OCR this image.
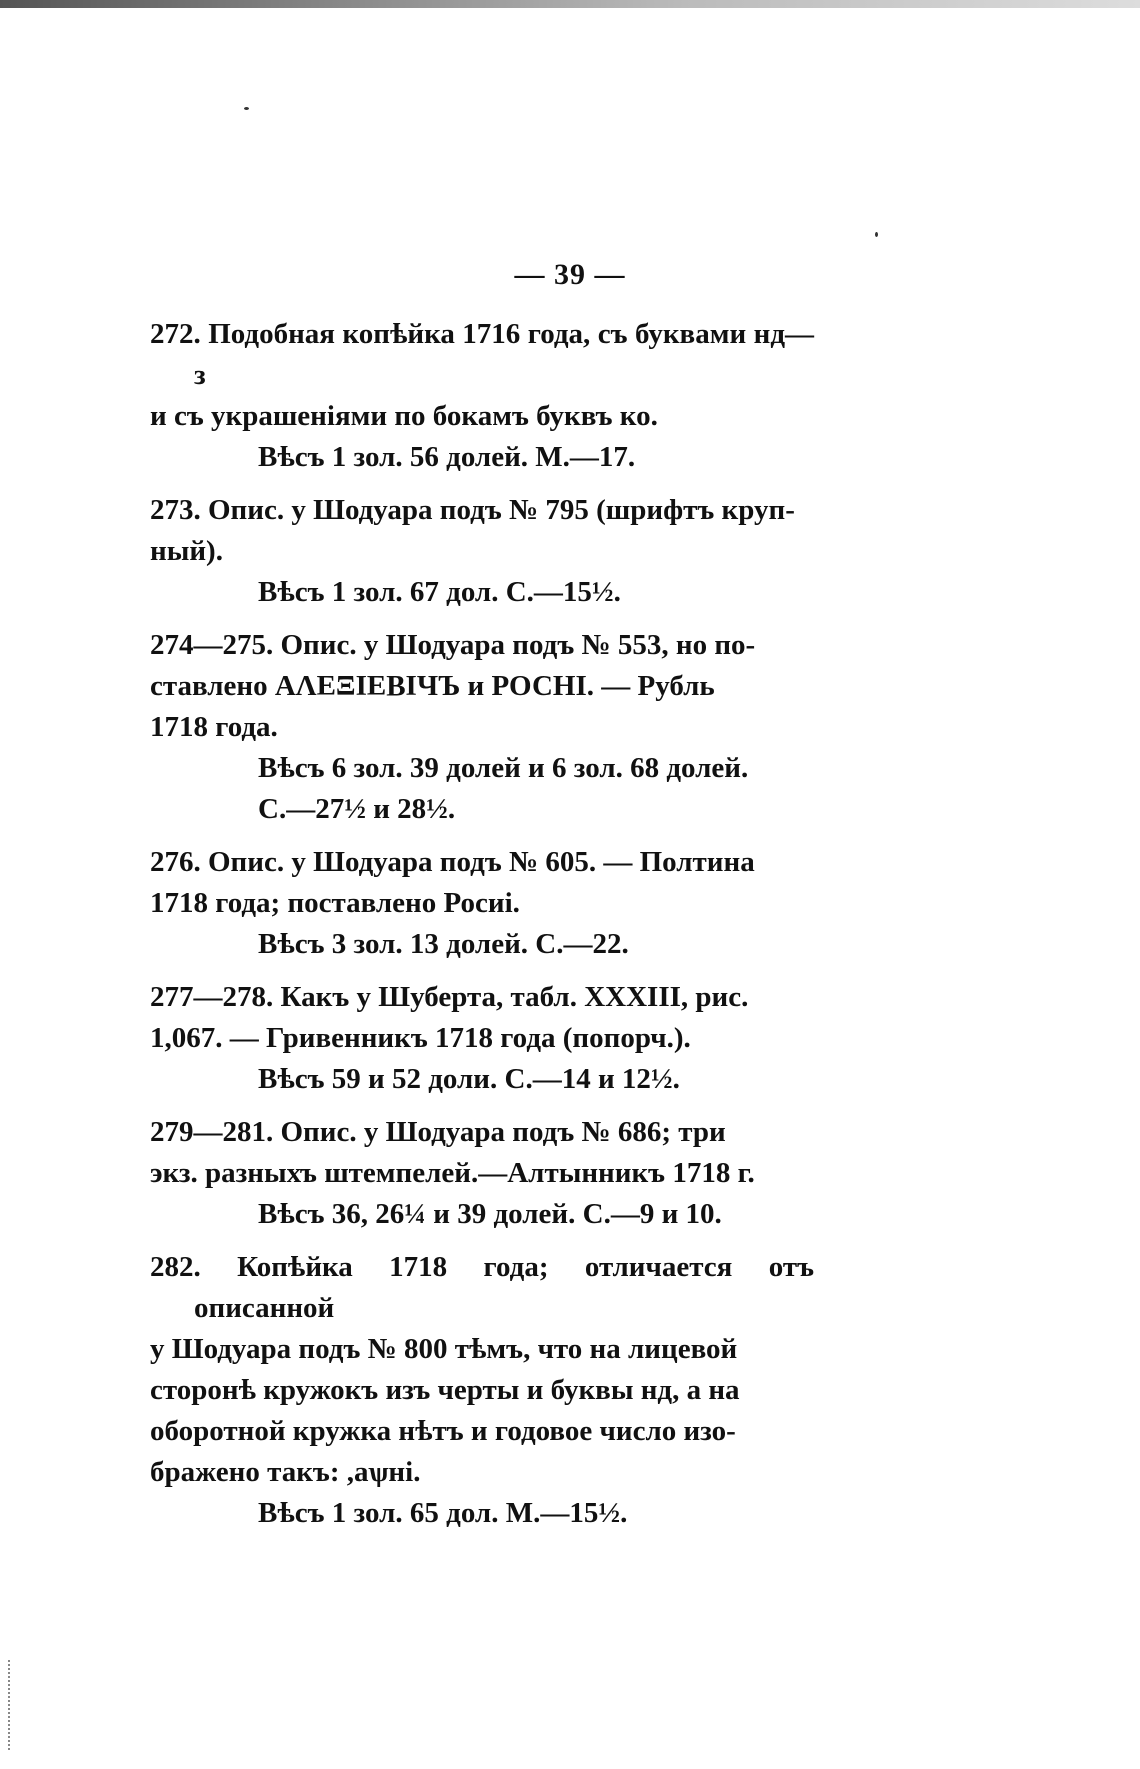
— 39 —
272. Подобная копѣйка 1716 года, съ буквами нд—з
и съ украшеніями по бокамъ буквъ ко.
Вѣсъ 1 зол. 56 долей. М.—17.
273. Опис. у Шодуара подъ № 795 (шрифтъ круп-
ный).
Вѣсъ 1 зол. 67 дол. С.—15½.
274—275. Опис. у Шодуара подъ № 553, но по-
ставлено ΑΛΕΞΙΕΒΙЧЪ и РОСНІ. — Рубль
1718 года.
Вѣсъ 6 зол. 39 долей и 6 зол. 68 долей.
С.—27½ и 28½.
276. Опис. у Шодуара подъ № 605. — Полтина
1718 года; поставлено Росиі.
Вѣсъ 3 зол. 13 долей. С.—22.
277—278. Какъ у Шуберта, табл. XXXIII, рис.
1,067. — Гривенникъ 1718 года (попорч.).
Вѣсъ 59 и 52 доли. С.—14 и 12½.
279—281. Опис. у Шодуара подъ № 686; три
экз. разныхъ штемпелей.—Алтынникъ 1718 г.
Вѣсъ 36, 26¼ и 39 долей. С.—9 и 10.
282. Копѣйка 1718 года; отличается отъ описанной
у Шодуара подъ № 800 тѣмъ, что на лицевой
сторонѣ кружокъ изъ черты и буквы нд, а на
оборотной кружка нѣтъ и годовое число изо-
бражено такъ: ,аѱні.
Вѣсъ 1 зол. 65 дол. М.—15½.
